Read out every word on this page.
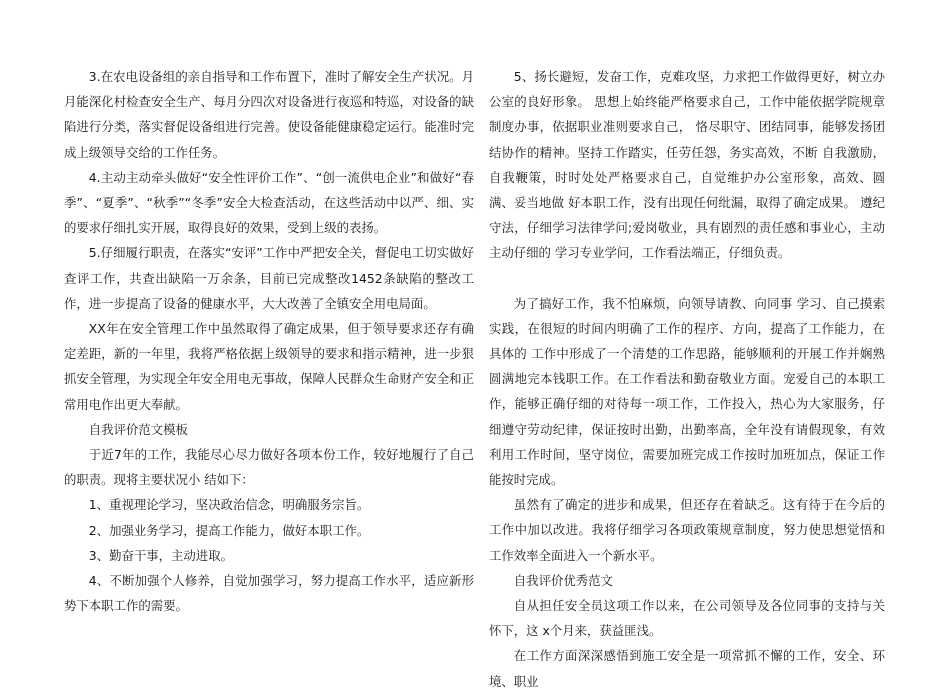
3.在农电设备组的亲自指导和工作布置下，准时了解安全生产状况。月月能深化村检查安全生产、每月分四次对设备进行夜巡和特巡，对设备的缺陷进行分类，落实督促设备组进行完善。使设备能健康稳定运行。能准时完成上级领导交给的工作任务。

4.主动主动牵头做好“安全性评价工作”、“创一流供电企业”和做好“春季”、“夏季”、“秋季”“冬季”安全大检查活动，在这些活动中以严、细、实的要求仔细扎实开展，取得良好的效果，受到上级的表扬。

5.仔细履行职责，在落实“安评”工作中严把安全关，督促电工切实做好查评工作，共查出缺陷一万余条，目前已完成整改1452条缺陷的整改工作，进一步提高了设备的健康水平，大大改善了全镇安全用电局面。

XX年在安全管理工作中虽然取得了确定成果，但于领导要求还存有确定差距，新的一年里，我将严格依据上级领导的要求和指示精神，进一步狠抓安全管理，为实现全年安全用电无事故，保障人民群众生命财产安全和正常用电作出更大奉献。

自我评价范文模板

于近7年的工作，我能尽心尽力做好各项本份工作，较好地履行了自己的职责。现将主要状况小 结如下：

1、重视理论学习，坚决政治信念，明确服务宗旨。

2、加强业务学习，提高工作能力，做好本职工作。

3、勤奋干事，主动进取。

4、不断加强个人修养，自觉加强学习，努力提高工作水平，适应新形势下本职工作的需要。

5、扬长避短，发奋工作，克难攻坚，力求把工作做得更好，树立办公室的良好形象。 思想上始终能严格要求自己，工作中能依据学院规章制度办事，依据职业准则要求自己， 恪尽职守、团结同事，能够发扬团结协作的精神。坚持工作踏实，任劳任怨，务实高效，不断 自我激励，自我鞭策，时时处处严格要求自己，自觉维护办公室形象，高效、圆满、妥当地做 好本职工作，没有出现任何纰漏，取得了确定成果。 遵纪守法，仔细学习法律学问;爱岗敬业，具有剧烈的责任感和事业心，主动主动仔细的 学习专业学问，工作看法端正，仔细负责。

为了搞好工作，我不怕麻烦，向领导请教、向同事 学习、自己摸索实践，在很短的时间内明确了工作的程序、方向，提高了工作能力，在具体的 工作中形成了一个清楚的工作思路，能够顺利的开展工作并娴熟圆满地完本钱职工作。在工作看法和勤奋敬业方面。宠爱自己的本职工作，能够正确仔细的对待每一项工作，工作投入，热心为大家服务，仔细遵守劳动纪律，保证按时出勤，出勤率高，全年没有请假现象，有效利用工作时间，坚守岗位，需要加班完成工作按时加班加点，保证工作能按时完成。

虽然有了确定的进步和成果，但还存在着缺乏。这有待于在今后的工作中加以改进。我将仔细学习各项政策规章制度，努力使思想觉悟和工作效率全面进入一个新水平。

自我评价优秀范文

自从担任安全员这项工作以来，在公司领导及各位同事的支持与关怀下，这 x个月来，获益匪浅。

在工作方面深深感悟到施工安全是一项常抓不懈的工作，安全、环境、职业
